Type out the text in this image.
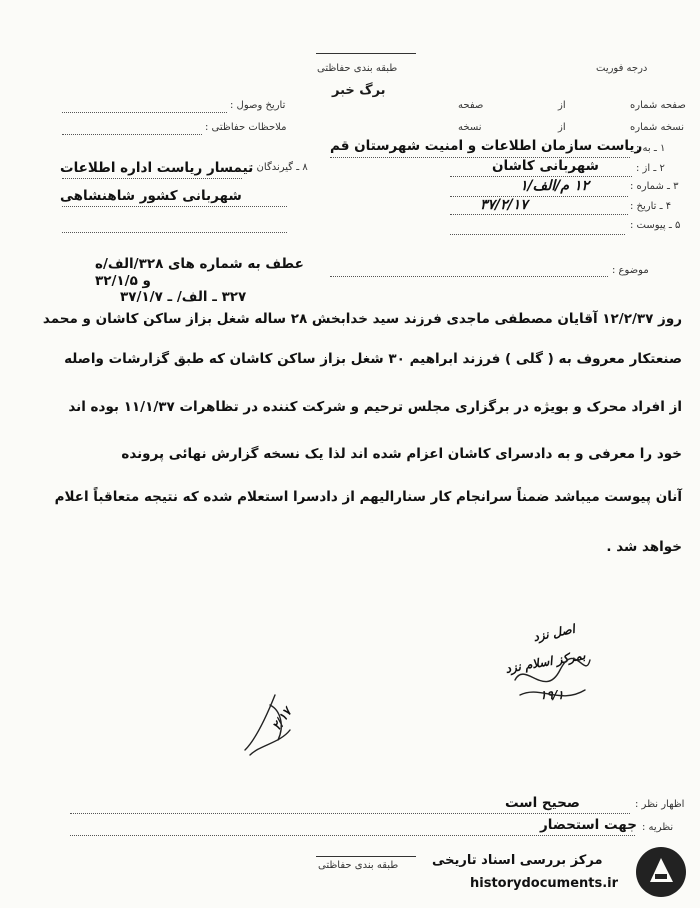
درجه فوریت
طبقه بندی حفاظتی
برگ خبر
تاریخ وصول :
ملاحظات حفاظتی :
صفحه شماره
از
صفحه
نسخه شماره
از
نسخه
۱ ـ به :
ریاست سازمان اطلاعات و امنیت شهرستان قم
۲ ـ از :
شهربانی کاشان
۳ ـ شماره :
۱۲ م/الف/۱
۴ ـ تاریخ :
۳۷/۲/۱۷
۵ ـ پیوست :
۸ ـ گیرندگان :
تیمسار ریاست اداره اطلاعات
شهربانی کشور شاهنشاهی
موضوع :
عطف به شماره های ۳۲۸/الف/ه
و ۳۲/۱/۵
۳۲۷ ـ الف/ ـ ۳۷/۱/۷
روز ۱۲/۲/۳۷ آقایان مصطفی ماجدی فرزند سید خدابخش ۲۸ ساله شغل بزاز ساکن کاشان و محمد
صنعتکار معروف به ( گلی ) فرزند ابراهیم ۳۰ شغل بزاز ساکن کاشان که طبق گزارشات واصله
از افراد محرک و بویژه در برگزاری مجلس ترحیم و شرکت کننده در تظاهرات ۱۱/۱/۳۷ بوده اند
خود را معرفی و به دادسرای کاشان اعزام شده اند لذا یک نسخه گزارش نهائی پرونده
آنان پیوست میباشد ضمناً سرانجام کار سنارالیهم از دادسرا استعلام شده که نتیجه متعاقباً اعلام
خواهد شد .
اصل نزد
بمرکز اسلام نزد
۱۹/۱
۲/۱۷
اظهار نظر :
صحیح است
نظریه :
جهت استحضار
طبقه بندی حفاظتی	مرکز بررسی اسناد تاریخی
historydocuments.ir
